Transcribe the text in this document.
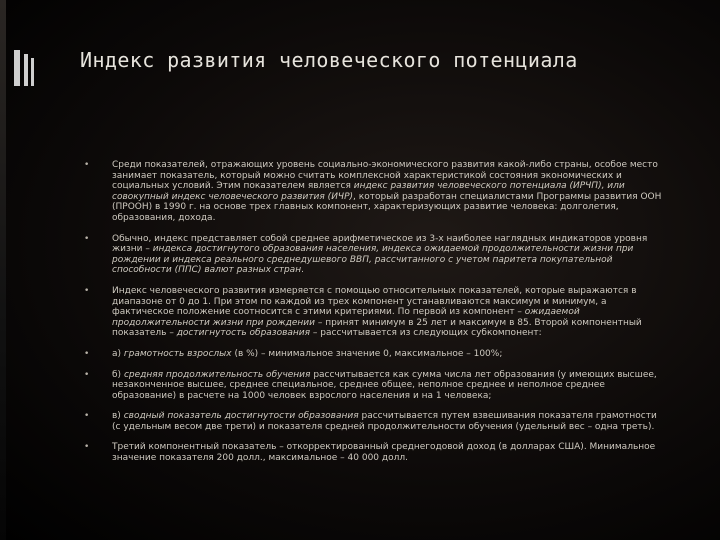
Индекс развития человеческого потенциала
• Среди показателей, отражающих уровень социально-экономического развития какой-либо страны, особое место занимает показатель, который можно считать комплексной характеристикой состояния экономических и социальных условий. Этим показателем является индекс развития человеческого потенциала (ИРЧП), или совокупный индекс человеческого развития (ИЧР), который разработан специалистами Программы развития ООН (ПРООН) в 1990 г. на основе трех главных компонент, характеризующих развитие человека: долголетия, образования, дохода.
• Обычно, индекс представляет собой среднее арифметическое из 3-х наиболее наглядных индикаторов уровня жизни – индекса достигнутого образования населения, индекса ожидаемой продолжительности жизни при рождении и индекса реального среднедушевого ВВП, рассчитанного с учетом паритета покупательной способности (ППС) валют разных стран.
• Индекс человеческого развития измеряется с помощью относительных показателей, которые выражаются в диапазоне от 0 до 1. При этом по каждой из трех компонент устанавливаются максимум и минимум, а фактическое положение соотносится с этими критериями. По первой из компонент – ожидаемой продолжительности жизни при рождении – принят минимум в 25 лет и максимум в 85. Второй компонентный показатель – достигнутость образования – рассчитывается из следующих субкомпонент:
• а) грамотность взрослых (в %) – минимальное значение 0, максимальное – 100%;
• б) средняя продолжительность обучения рассчитывается как сумма числа лет образования (у имеющих высшее, незаконченное высшее, среднее специальное, среднее общее, неполное среднее и неполное среднее образование) в расчете на 1000 человек взрослого населения и на 1 человека;
• в) сводный показатель достигнутости образования рассчитывается путем взвешивания показателя грамотности (с удельным весом две трети) и показателя средней продолжительности обучения (удельный вес – одна треть).
• Третий компонентный показатель – откорректированный среднегодовой доход (в долларах США). Минимальное значение показателя 200 долл., максимальное – 40 000 долл.
